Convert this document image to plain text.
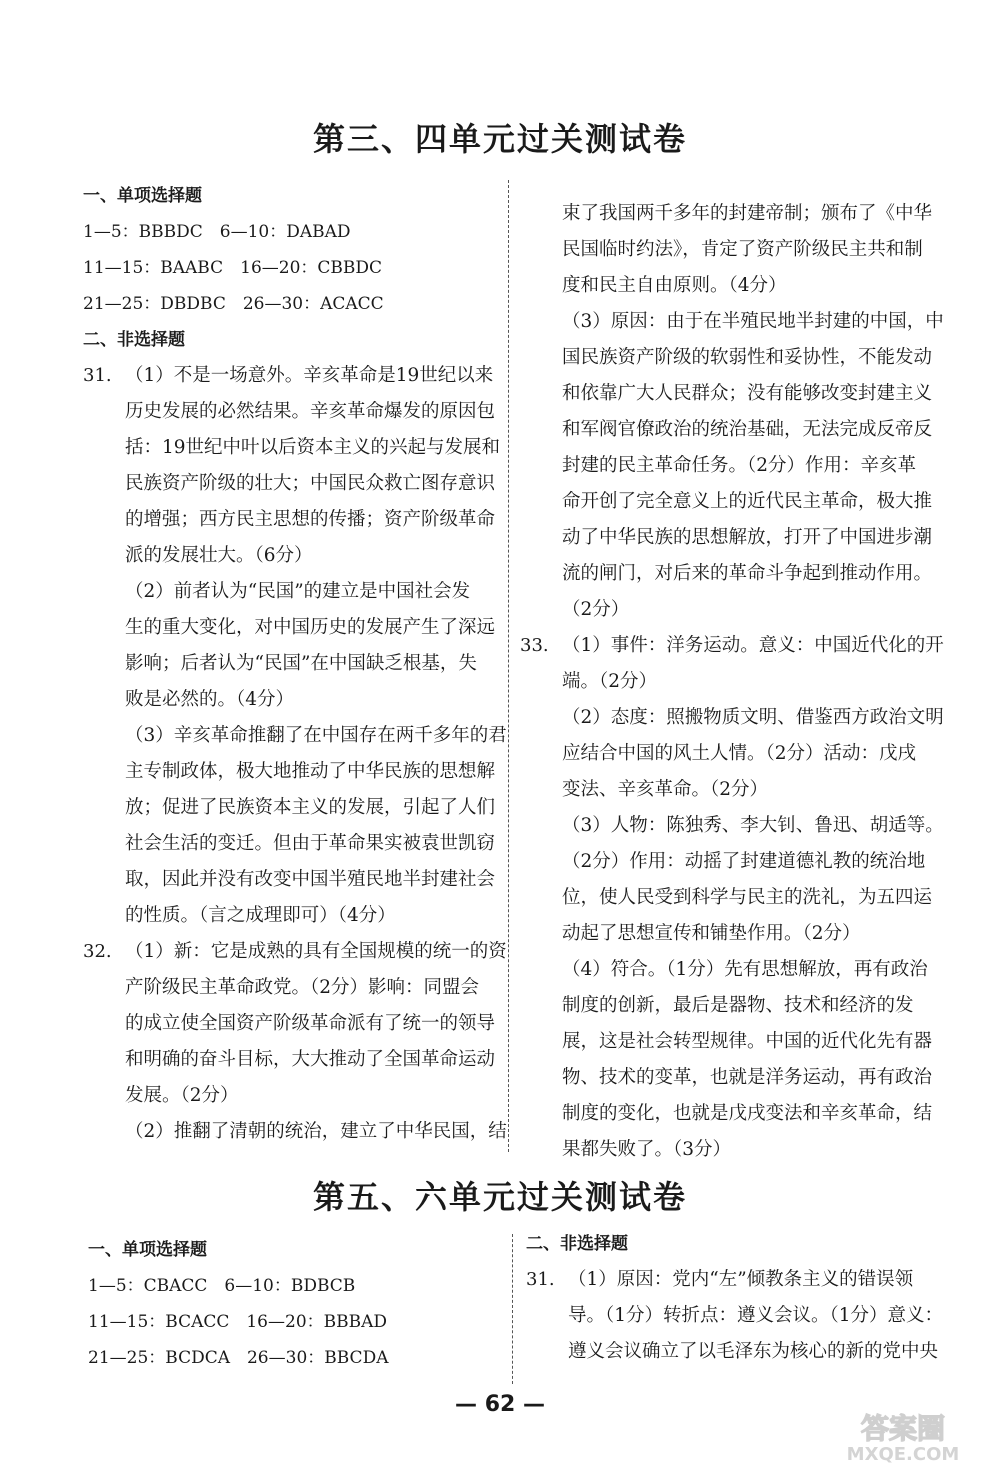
第三、四单元过关测试卷

一、单项选择题

1—5：BBBDC　6—10：DABAD

11—15：BAABC　16—20：CBBDC

21—25：DBDBC　26—30：ACACC

二、非选择题

31. （1）不是一场意外。辛亥革命是19世纪以来

历史发展的必然结果。辛亥革命爆发的原因包

括：19世纪中叶以后资本主义的兴起与发展和

民族资产阶级的壮大；中国民众救亡图存意识

的增强；西方民主思想的传播；资产阶级革命

派的发展壮大。（6分）

（2）前者认为“民国”的建立是中国社会发

生的重大变化，对中国历史的发展产生了深远

影响；后者认为“民国”在中国缺乏根基，失

败是必然的。（4分）

（3）辛亥革命推翻了在中国存在两千多年的君

主专制政体，极大地推动了中华民族的思想解

放；促进了民族资本主义的发展，引起了人们

社会生活的变迁。但由于革命果实被袁世凯窃

取，因此并没有改变中国半殖民地半封建社会

的性质。（言之成理即可）（4分）

32. （1）新：它是成熟的具有全国规模的统一的资

产阶级民主革命政党。（2分）影响：同盟会

的成立使全国资产阶级革命派有了统一的领导

和明确的奋斗目标，大大推动了全国革命运动

发展。（2分）

（2）推翻了清朝的统治，建立了中华民国，结

束了我国两千多年的封建帝制；颁布了《中华

民国临时约法》，肯定了资产阶级民主共和制

度和民主自由原则。（4分）

（3）原因：由于在半殖民地半封建的中国，中

国民族资产阶级的软弱性和妥协性，不能发动

和依靠广大人民群众；没有能够改变封建主义

和军阀官僚政治的统治基础，无法完成反帝反

封建的民主革命任务。（2分）作用：辛亥革

命开创了完全意义上的近代民主革命，极大推

动了中华民族的思想解放，打开了中国进步潮

流的闸门，对后来的革命斗争起到推动作用。

（2分）

33. （1）事件：洋务运动。意义：中国近代化的开

端。（2分）

（2）态度：照搬物质文明、借鉴西方政治文明

应结合中国的风土人情。（2分）活动：戊戌

变法、辛亥革命。（2分）

（3）人物：陈独秀、李大钊、鲁迅、胡适等。

（2分）作用：动摇了封建道德礼教的统治地

位，使人民受到科学与民主的洗礼，为五四运

动起了思想宣传和铺垫作用。（2分）

（4）符合。（1分）先有思想解放，再有政治

制度的创新，最后是器物、技术和经济的发

展，这是社会转型规律。中国的近代化先有器

物、技术的变革，也就是洋务运动，再有政治

制度的变化，也就是戊戌变法和辛亥革命，结

果都失败了。（3分）

第五、六单元过关测试卷

一、单项选择题

1—5：CBACC　6—10：BDBCB

11—15：BCACC　16—20：BBBAD

21—25：BCDCA　26—30：BBCDA

二、非选择题

31. （1）原因：党内“左”倾教条主义的错误领

导。（1分）转折点：遵义会议。（1分）意义：

遵义会议确立了以毛泽东为核心的新的党中央

— 62 —
答案圈
MXQE.COM
